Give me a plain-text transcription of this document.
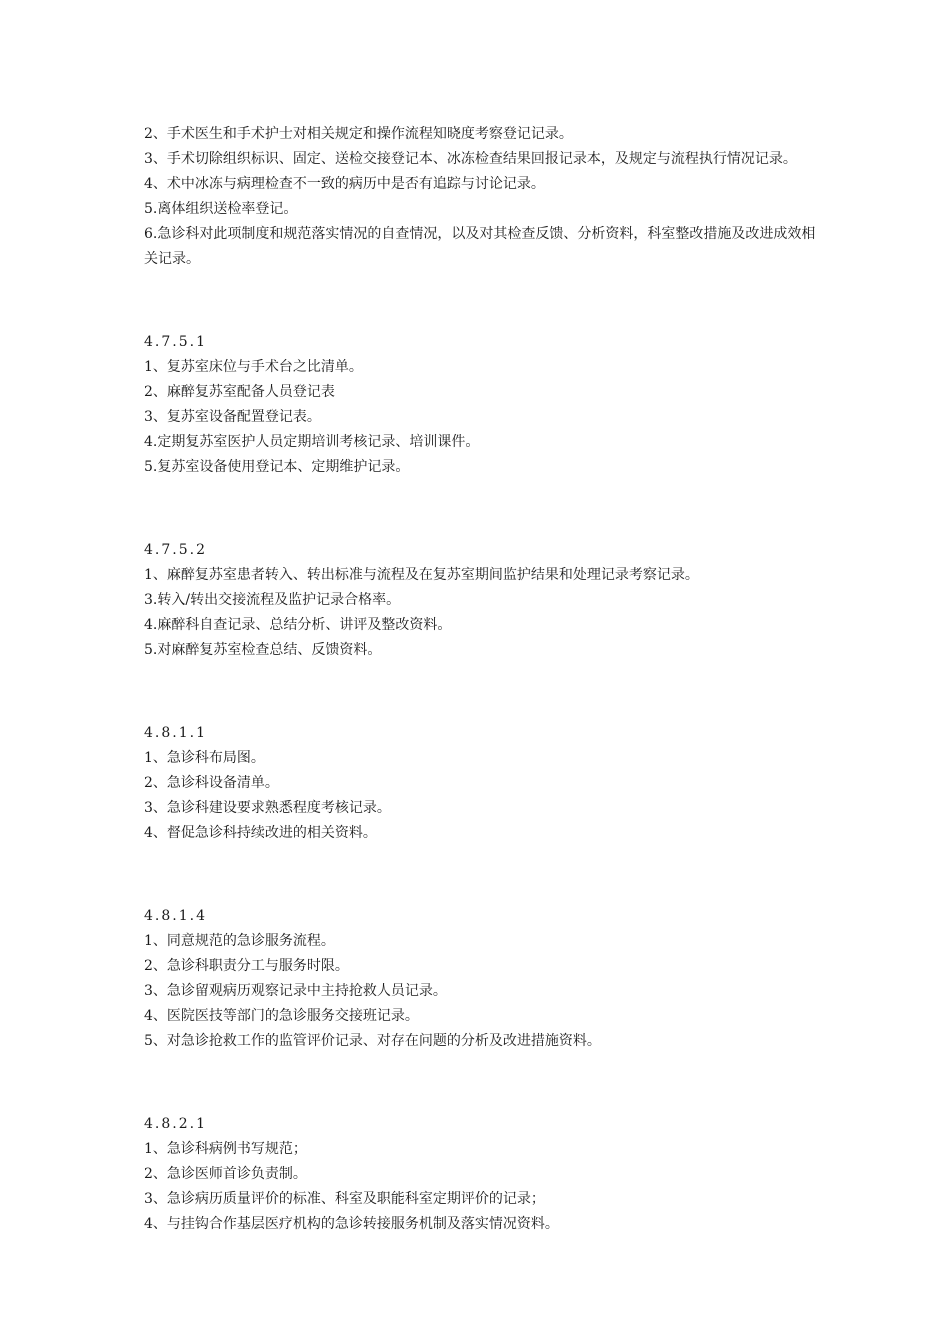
2、手术医生和手术护士对相关规定和操作流程知晓度考察登记记录。
3、手术切除组织标识、固定、送检交接登记本、冰冻检查结果回报记录本，及规定与流程执行情况记录。
4、术中冰冻与病理检查不一致的病历中是否有追踪与讨论记录。
5.离体组织送检率登记。
6.急诊科对此项制度和规范落实情况的自查情况，以及对其检查反馈、分析资料，科室整改措施及改进成效相关记录。
4.7.5.1
1、复苏室床位与手术台之比清单。
2、麻醉复苏室配备人员登记表
3、复苏室设备配置登记表。
4.定期复苏室医护人员定期培训考核记录、培训课件。
5.复苏室设备使用登记本、定期维护记录。
4.7.5.2
1、麻醉复苏室患者转入、转出标准与流程及在复苏室期间监护结果和处理记录考察记录。
3.转入/转出交接流程及监护记录合格率。
4.麻醉科自查记录、总结分析、讲评及整改资料。
5.对麻醉复苏室检查总结、反馈资料。
4.8.1.1
1、急诊科布局图。
2、急诊科设备清单。
3、急诊科建设要求熟悉程度考核记录。
4、督促急诊科持续改进的相关资料。
4.8.1.4
1、同意规范的急诊服务流程。
2、急诊科职责分工与服务时限。
3、急诊留观病历观察记录中主持抢救人员记录。
4、医院医技等部门的急诊服务交接班记录。
5、对急诊抢救工作的监管评价记录、对存在问题的分析及改进措施资料。
4.8.2.1
1、急诊科病例书写规范；
2、急诊医师首诊负责制。
3、急诊病历质量评价的标准、科室及职能科室定期评价的记录；
4、与挂钩合作基层医疗机构的急诊转接服务机制及落实情况资料。
